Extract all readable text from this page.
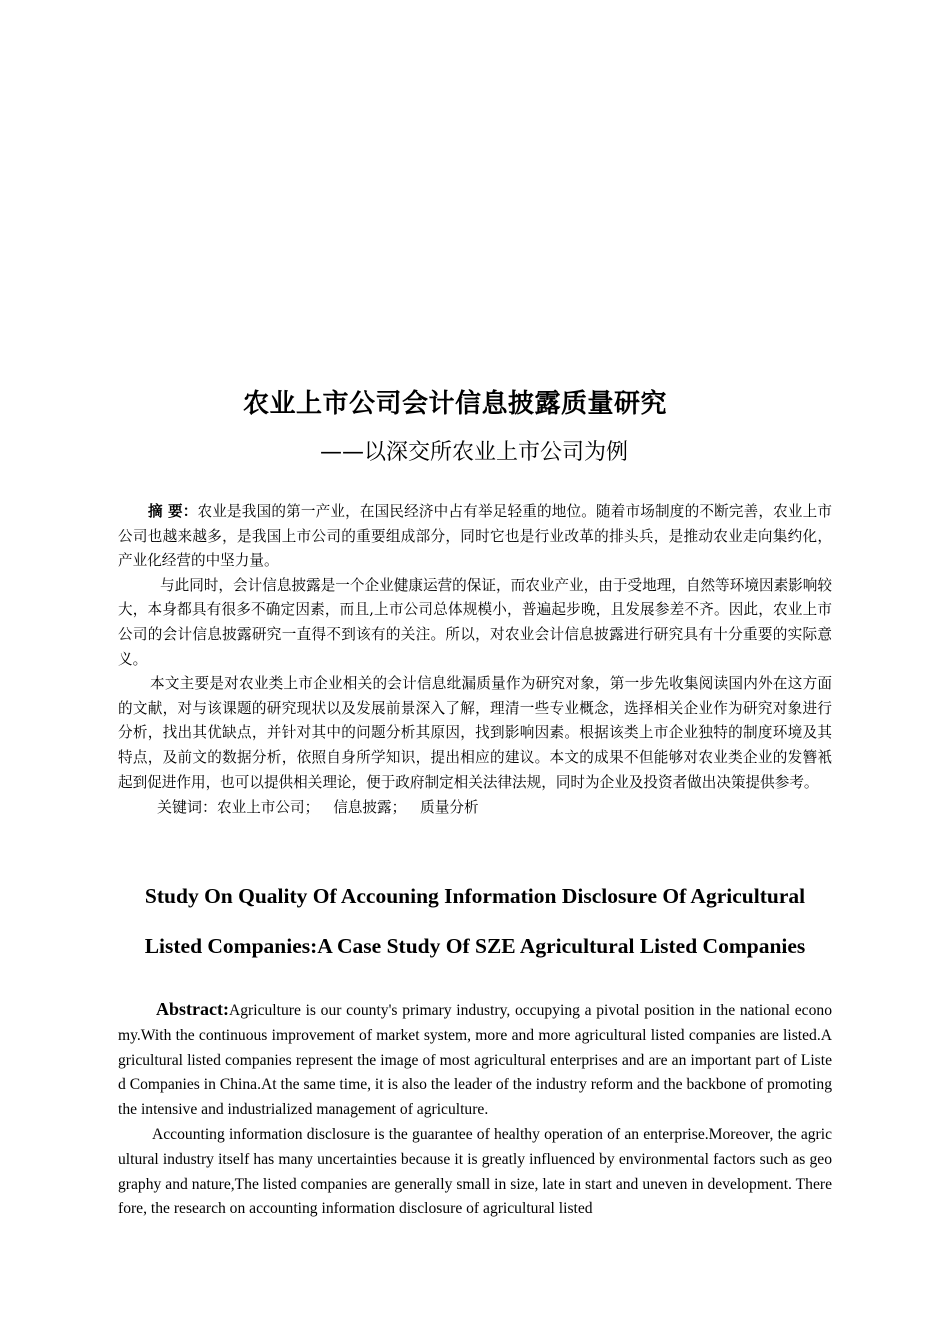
农业上市公司会计信息披露质量研究
——以深交所农业上市公司为例

摘 要：农业是我国的第一产业，在国民经济中占有举足轻重的地位。随着市场制度的不断完善，农业上市公司也越来越多，是我国上市公司的重要组成部分，同时它也是行业改革的排头兵，是推动农业走向集约化，产业化经营的中坚力量。

与此同时，会计信息披露是一个企业健康运营的保证，而农业产业，由于受地理，自然等环境因素影响较大，本身都具有很多不确定因素，而且,上市公司总体规模小，普遍起步晚，且发展参差不齐。因此，农业上市公司的会计信息披露研究一直得不到该有的关注。所以，对农业会计信息披露进行研究具有十分重要的实际意义。

本文主要是对农业类上市企业相关的会计信息纰漏质量作为研究对象，第一步先收集阅读国内外在这方面的文献，对与该课题的研究现状以及发展前景深入了解，理清一些专业概念，选择相关企业作为研究对象进行分析，找出其优缺点，并针对其中的问题分析其原因，找到影响因素。根据该类上市企业独特的制度环境及其特点，及前文的数据分析，依照自身所学知识，提出相应的建议。本文的成果不但能够对农业类企业的发簪衹起到促进作用，也可以提供相关理论，便于政府制定相关法律法规，同时为企业及投资者做出决策提供参考。

关键词：农业上市公司； 信息披露； 质量分析

Study On Quality Of Accouning Information Disclosure Of Agricultural
Listed Companies:A Case Study Of SZE Agricultural Listed Companies

Abstract:Agriculture is our county's primary industry, occupying a pivotal position in the national economy.With the continuous improvement of market system, more and more agricultural listed companies are listed.Agricultural listed companies represent the image of most agricultural enterprises and are an important part of Listed Companies in China.At the same time, it is also the leader of the industry reform and the backbone of promoting the intensive and industrialized management of agriculture.

Accounting information disclosure is the guarantee of healthy operation of an enterprise.Moreover, the agricultural industry itself has many uncertainties because it is greatly influenced by environmental factors such as geography and nature,The listed companies are generally small in size, late in start and uneven in development. Therefore, the research on accounting information disclosure of agricultural listed
